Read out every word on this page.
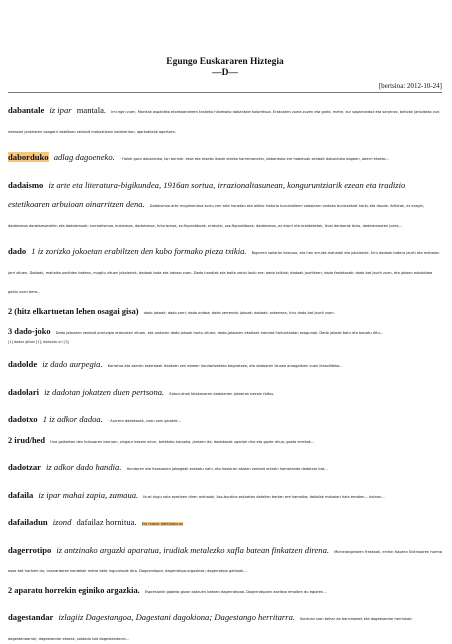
Egungo Euskararen Hiztegia
—D—
[bertsioa: 2012-10-24]
dabantale iz ipar mantala. Imi egin zuen, Marikak aspaldiko etxekoandreen tankeko hitzekoko dabantale koloretsua. Erakusten zuela zuzen eta garbi, mehe, zur sagarrondoz eta sarjenez, beltzak jantzitako zuri, nekazari jantziaren osagarri dabiltzan zenbait mahastizain kalaherrian, igartzaileak agertzen.
daborduko adlag dagoeneko. · Haiek gara daborduko, lan berriak, etxe eta etxeko ikasle arteko harremanekin, daborduko ere hobetuak zenbait daborduko dagoen, aberri etxeko...
dadaismo iz arte eta literatura-bigikundea, 1916an sortua, irrazionaltasunean, konguruntziarik ezean eta tradizio estetikoaren arbuioan oinarritzen dena. Dadaismoa arte mugimendua sortu zen arte honetan eta aldiko historia burutzaileen zabalaren ondoko burutzetzat hartu eta daude. Artistak, ez eragin, dadaismoa dadaismoarekin eta dadaismoak; surrealismoa, kubismoa, dadaismoa, futurismoa, ez-figuratiboak, erakutsi, soz-figuratiboak; dadaismoa, ez etorri eta eraldaketak, ikusi denborak bizia, dadaismoaren joera...
dado 1 iz zorizko jokoetan erabiltzen den kubo formako pieza txikia. Bigarren sailaran kasinoa, eta han errulet-mahaiak eta jokalariak, hiru dadoak batera jaurti eta mahaian jarri zituen. Dadoak, mahaiko partiden batean, mugitu zituen jokalariek, dadoak bota eta irabazi zuen. Dado handiak eta baita zortzi lauki ere; dado txikiak; dadoak jaurtitzen; dado festatxoak; dado bat jaurti zuen, eta jokoan eskubidea galdu zuen bera...
2 (hitz elkartuetan lehen osagai gisa) dado jokoak; dado zorri; dado ondoa; dado zerrenda; jokoak; dadoak; azkenean, hiru dado bat jaurti zuen.
3 dado-joko Dado jokoaren zenbait printzipio erakusten zituen, eta ondoren dado jokoak hartu zituen; dado-jokoaren ekaitzak hainbat hizkuntzatan ezagunak. Dado jokoak batu eta banatu ditu...
[1] dadoz gilkez [1]; dadoeta uri [1];
dadolde iz dado aurpegia. Karratua eta asentu estereoak iksatzen zen etxeen hondartzetako begiratzea, eta dadoaren ikuzea aroagaitzen zuen ikasolldeko...
dadolari iz dadotan jokatzen duen pertsona. Ezkon-ahak bilakanaren dadolarien jokaeran bezain faltsu.
dadotxo 1 iz adkor dadoa. · Aurrera dadotxoak, zuen zain gaudek...
2 irud/hed Una gaitzetan den kutsuaren barruan, zingaur bezain ainur, betetako karpaka, jantzen da; dadotxoak ugariak dira eta gazte dirua; gazta errekak...
dadotzar iz adkor dado handia. Hondoren eta itsasoaren jabegaak erabatu nahi, eta hasieran atzean zenbait artzain hamarkada dadotzar bat...
dafaila iz ipar mahai zapia, zamaua. Ikusi dugu nola ezartzen diren mahaiak, lisa-burdina eskuetan dafailen bertan ere hamaika; dafailak mahaiari hala ematen... kutxan...
dafailadun izond dafailaz hornitua. Ela mahai dafailadunar
dagerrotipo iz antzinako argazki aparatua, irudiak metalezko xafla batean finkatzen direna. Michelangeloren freskoak, errike; Kapera Sixtinoaren horma osoa bat hartzen du; Leonardoren kandelak metro bete ingurukoak dira. Dagerrotipoa; dagerrotipo-argazkiak; dagerrotipo galduak...
2 aparatu horrekin eginiko argazkia. Espresionik gabeko gizon batzuen batean dagerrotipoa. Dagerrotipoen aseikoa emaiten du egiaren...
dagestandar izlagiiz Dagestangoa, Dagestani dagokiona; Dagestango herritarra. Kontuan izan behar da barrutaleak eta dagestandar herrixkak; dagestandarrak, dagestandar etxeak, soldadu bat dagestandarra...
